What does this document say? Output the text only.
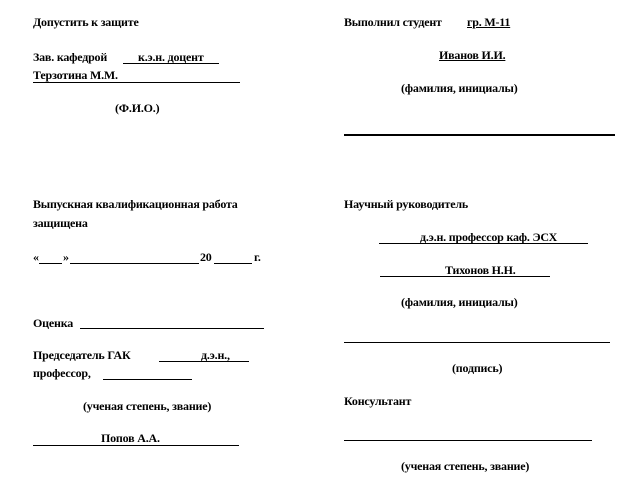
Допустить к защите
Зав. кафедрой	к.э.н. доцент
Терзотина М.М.
(Ф.И.О.)
Выпускная квалификационная работа
защищена
« »	20	г.
Оценка
Председатель ГАК	д.э.н.,
профессор,
(ученая степень, звание)
Попов А.А.
Выполнил студент гр. М-11
Иванов И.И.
(фамилия, инициалы)
Научный руководитель
д.э.н. профессор каф. ЭСХ
Тихонов Н.Н.
(фамилия, инициалы)
(подпись)
Консультант
(ученая степень, звание)
